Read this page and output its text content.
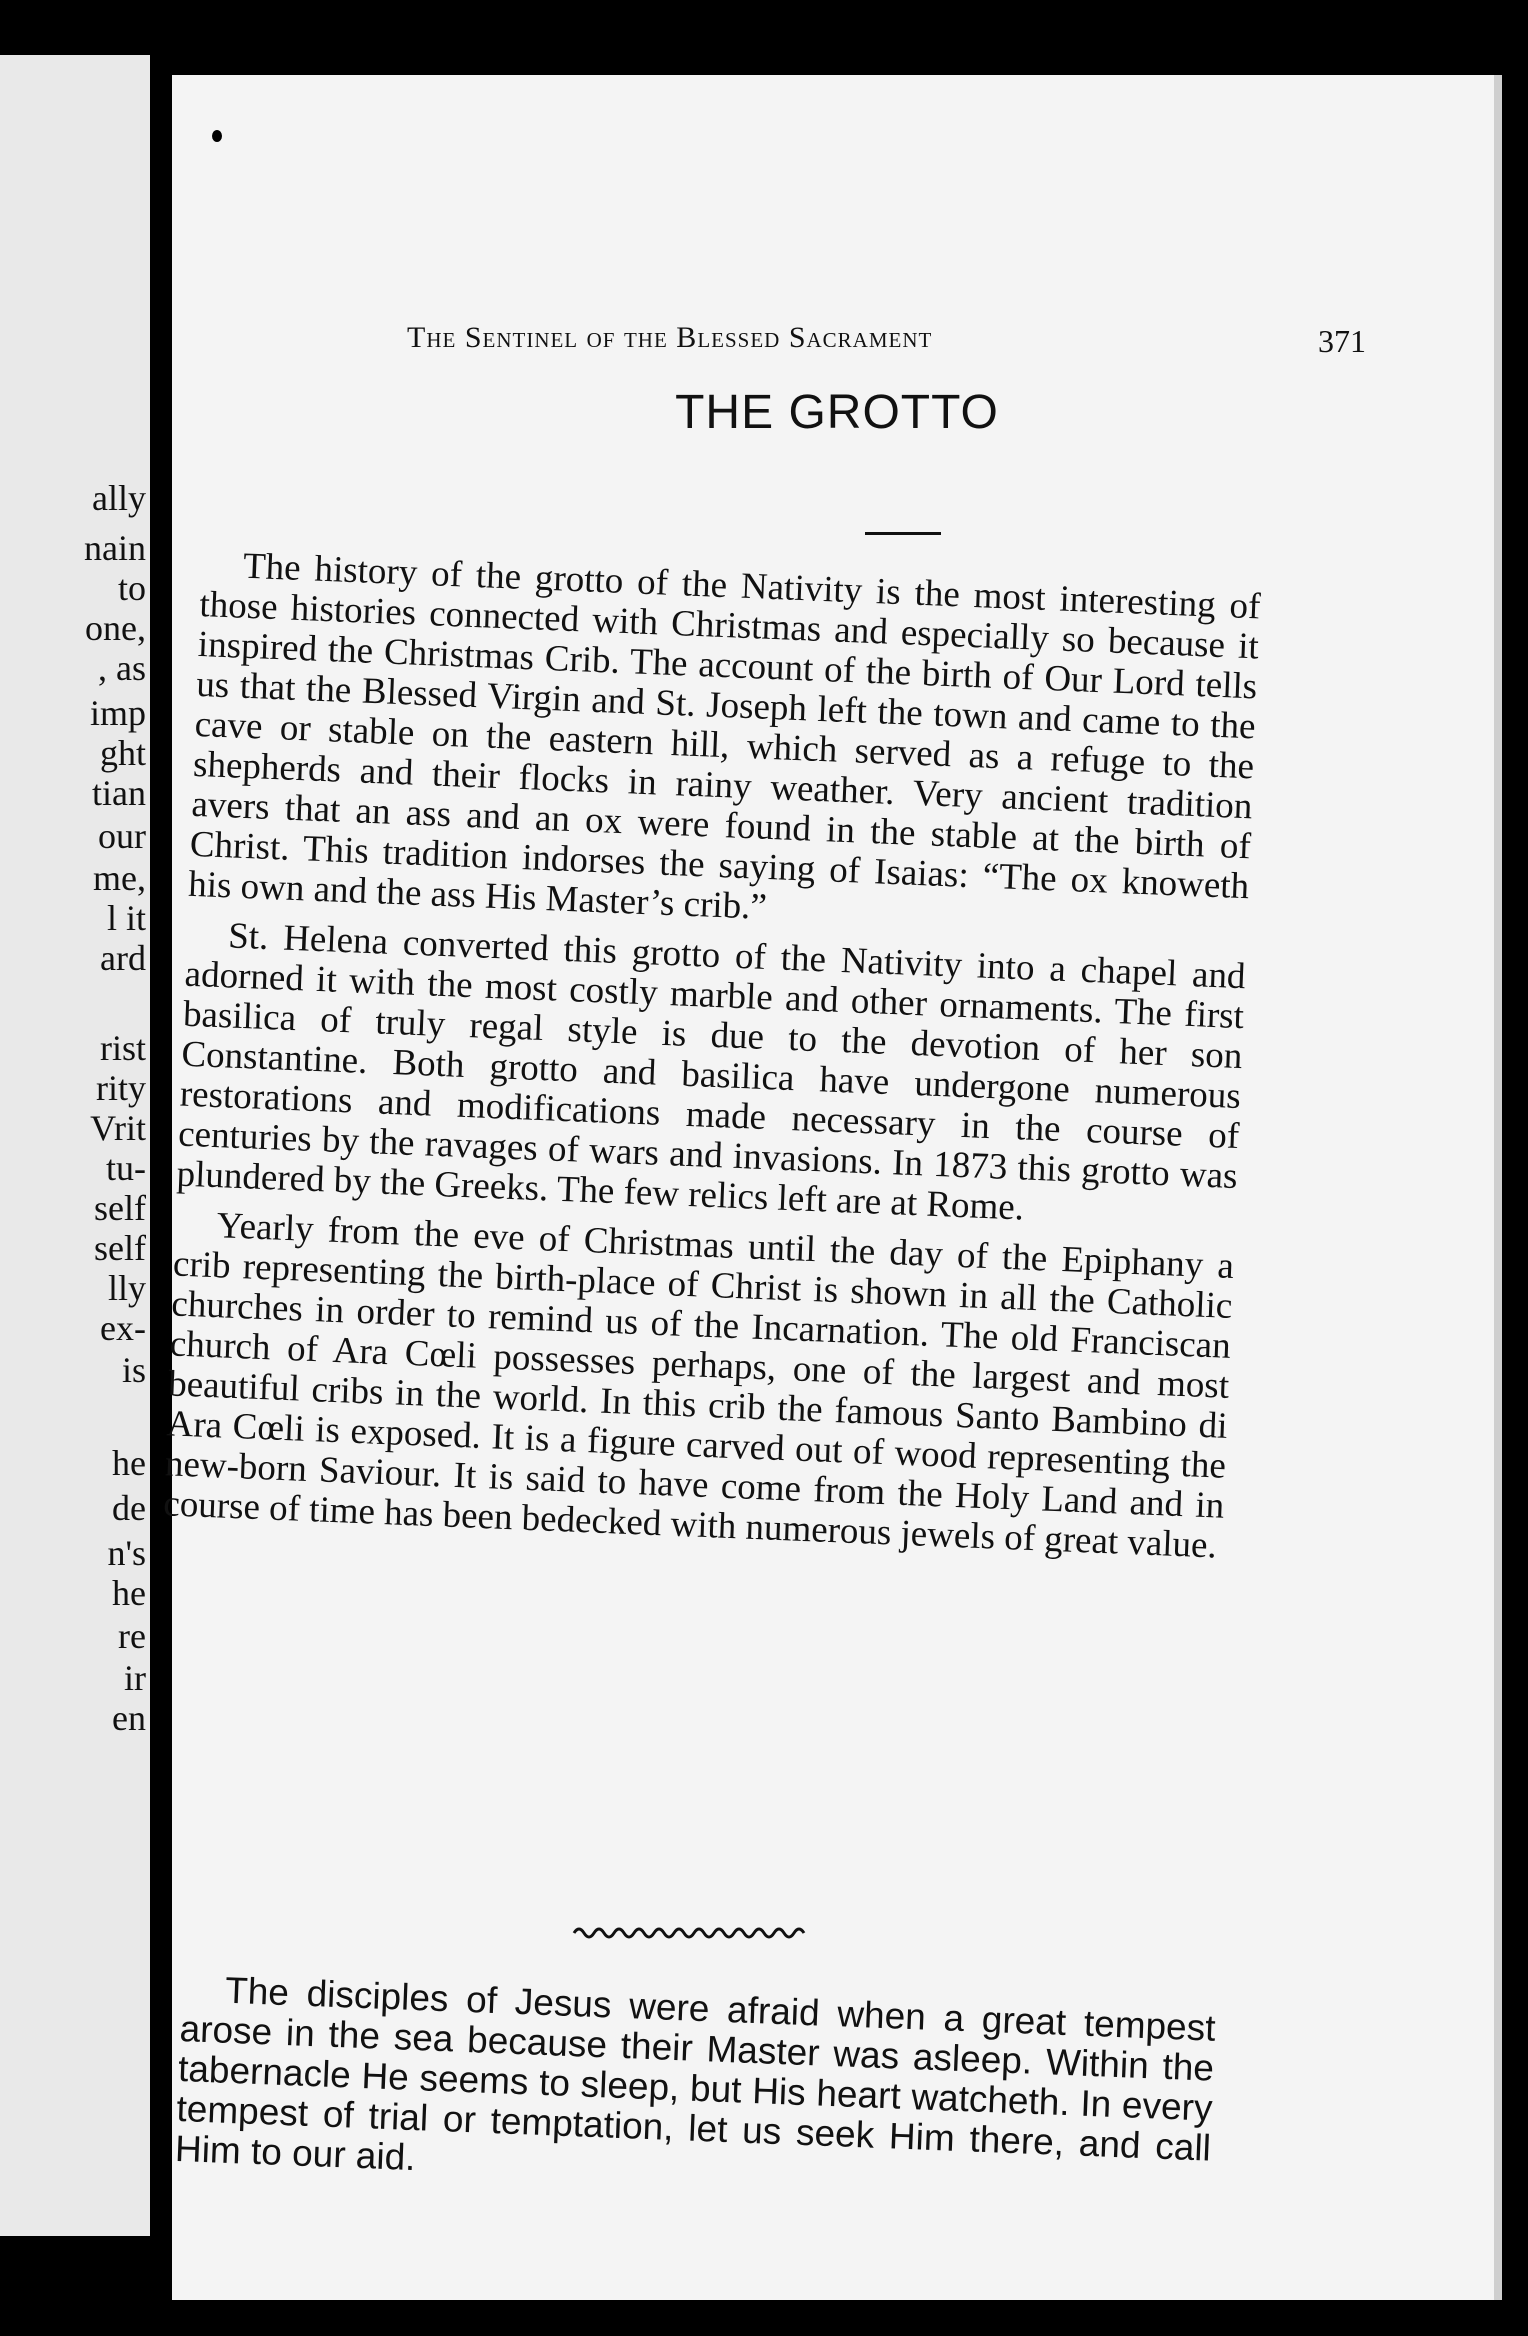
ally
nain
to
one,
, as
imp
ght
tian
our
me,
l it
ard
rist
rity
Vrit
tu-
self
self
lly
ex-
is
he
de
n's
he
re
ir
en
The Sentinel of the Blessed Sacrament	371
THE GROTTO

The history of the grotto of the Nativity is the most interesting of those histories connected with Christmas and especially so because it inspired the Christmas Crib. The account of the birth of Our Lord tells us that the Blessed Virgin and St. Joseph left the town and came to the cave or stable on the eastern hill, which served as a refuge to the shepherds and their flocks in rainy weather. Very ancient tradition avers that an ass and an ox were found in the stable at the birth of Christ. This tradition indorses the saying of Isaias: “The ox knoweth his own and the ass His Master’s crib.”

St. Helena converted this grotto of the Nativity into a chapel and adorned it with the most costly marble and other ornaments. The first basilica of truly regal style is due to the devotion of her son Constantine. Both grotto and basilica have undergone numerous restorations and modifications made necessary in the course of centuries by the ravages of wars and invasions. In 1873 this grotto was plundered by the Greeks. The few relics left are at Rome.

Yearly from the eve of Christmas until the day of the Epiphany a crib representing the birth-place of Christ is shown in all the Catholic churches in order to remind us of the Incarnation. The old Franciscan church of Ara Cœli possesses perhaps, one of the largest and most beautiful cribs in the world. In this crib the famous Santo Bambino di Ara Cœli is exposed. It is a figure carved out of wood representing the new-born Saviour. It is said to have come from the Holy Land and in course of time has been bedecked with numerous jewels of great value.

The disciples of Jesus were afraid when a great tempest arose in the sea because their Master was asleep. Within the tabernacle He seems to sleep, but His heart watcheth. In every tempest of trial or temptation, let us seek Him there, and call Him to our aid.
